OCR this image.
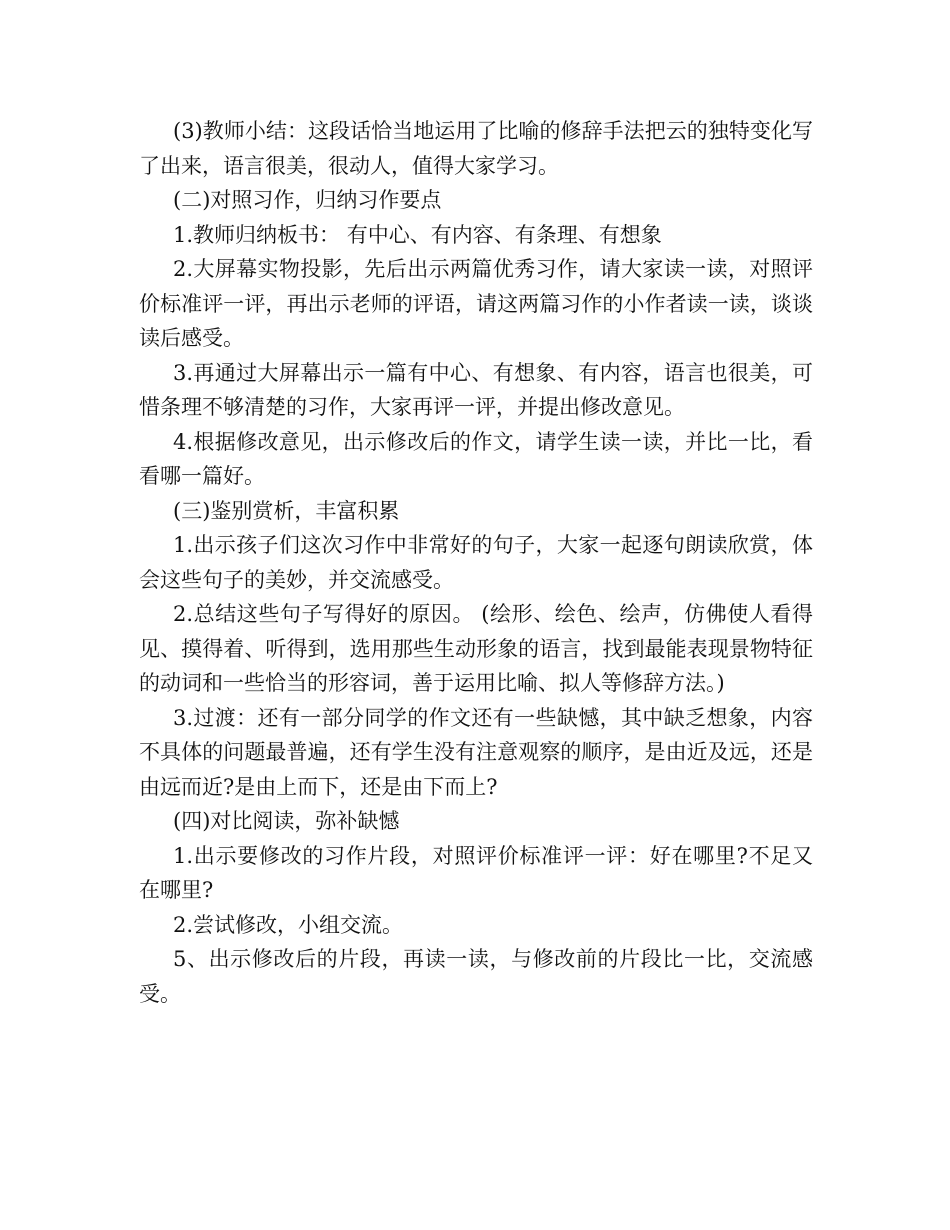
(3)教师小结：这段话恰当地运用了比喻的修辞手法把云的独特变化写了出来，语言很美，很动人，值得大家学习。

(二)对照习作，归纳习作要点

1.教师归纳板书： 有中心、有内容、有条理、有想象

2.大屏幕实物投影，先后出示两篇优秀习作，请大家读一读，对照评价标准评一评，再出示老师的评语，请这两篇习作的小作者读一读，谈谈读后感受。

3.再通过大屏幕出示一篇有中心、有想象、有内容，语言也很美，可惜条理不够清楚的习作，大家再评一评，并提出修改意见。

4.根据修改意见，出示修改后的作文，请学生读一读，并比一比，看看哪一篇好。

(三)鉴别赏析，丰富积累

1.出示孩子们这次习作中非常好的句子，大家一起逐句朗读欣赏，体会这些句子的美妙，并交流感受。

2.总结这些句子写得好的原因。 (绘形、绘色、绘声，仿佛使人看得见、摸得着、听得到，选用那些生动形象的语言，找到最能表现景物特征的动词和一些恰当的形容词，善于运用比喻、拟人等修辞方法。)

3.过渡：还有一部分同学的作文还有一些缺憾，其中缺乏想象，内容不具体的问题最普遍，还有学生没有注意观察的顺序，是由近及远，还是由远而近?是由上而下，还是由下而上?

(四)对比阅读，弥补缺憾

1.出示要修改的习作片段，对照评价标准评一评：好在哪里?不足又在哪里?

2.尝试修改，小组交流。

5、出示修改后的片段，再读一读，与修改前的片段比一比，交流感受。
